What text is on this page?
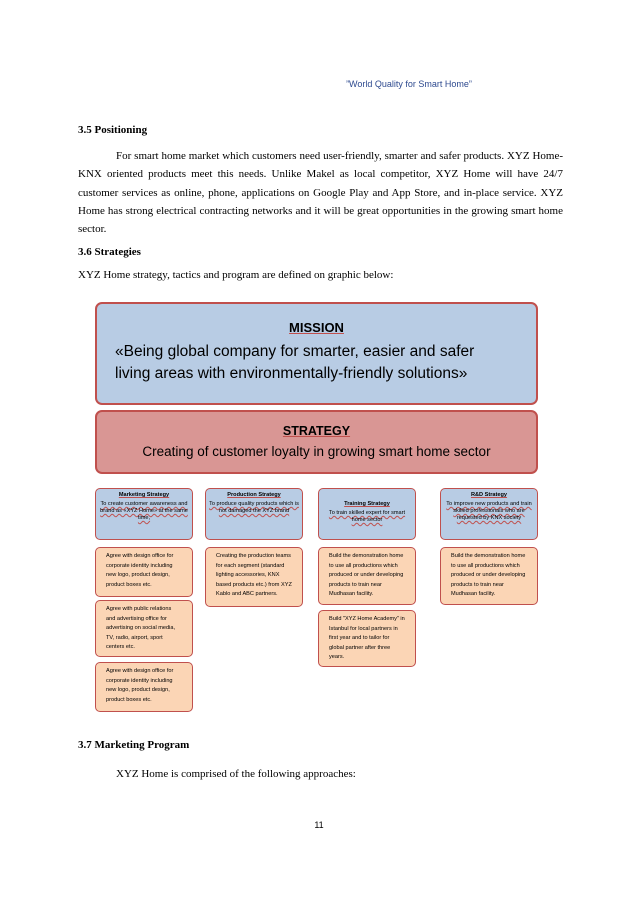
”World Quality for Smart Home”
3.5 Positioning
For smart home market which customers need user-friendly, smarter and safer products. XYZ Home-KNX oriented products meet this needs. Unlike Makel as local competitor, XYZ Home will have 24/7 customer services as online, phone, applications on Google Play and App Store, and in-place service. XYZ Home has strong electrical contracting networks and it will be great opportunities in the growing smart home sector.
3.6 Strategies
XYZ Home strategy, tactics and program are defined on graphic below:
MISSION
«Being global company for smarter, easier and safer
living areas with environmentally-friendly solutions»
STRATEGY
Creating of customer loyalty in growing smart home sector
Marketing Strategy
To create customer awareness and brand as «XYZ Home» at the same time,
Production Strategy
To produce quality products which is not damaged the XYZ brand
Training Strategy
To train skilled expert for smart home sector
R&D Strategy
To improve new products and train skilled professionals who are requested by KNX society
Agree with design office for corporate identity including new logo, product design, product boxes etc.
Agree with public relations and advertising office for advertising on social media, TV, radio, airport, sport centers etc.
Agree with design office for corporate identity including new logo, product design, product boxes etc.
Creating the production teams for each segment (standard lighting accessories, KNX based products etc.) from XYZ Kablo and ABC partners.
Build the demonstration home to use all productions which produced or under developing products to train near Mudhasan facility.
Build "XYZ Home Academy" in Istanbul for local partners in first year and to tailor for global partner after three years.
Build the demonstration home to use all productions which produced or under developing products to train near Mudhasan facility.
3.7 Marketing Program
XYZ Home is comprised of the following approaches:
11
